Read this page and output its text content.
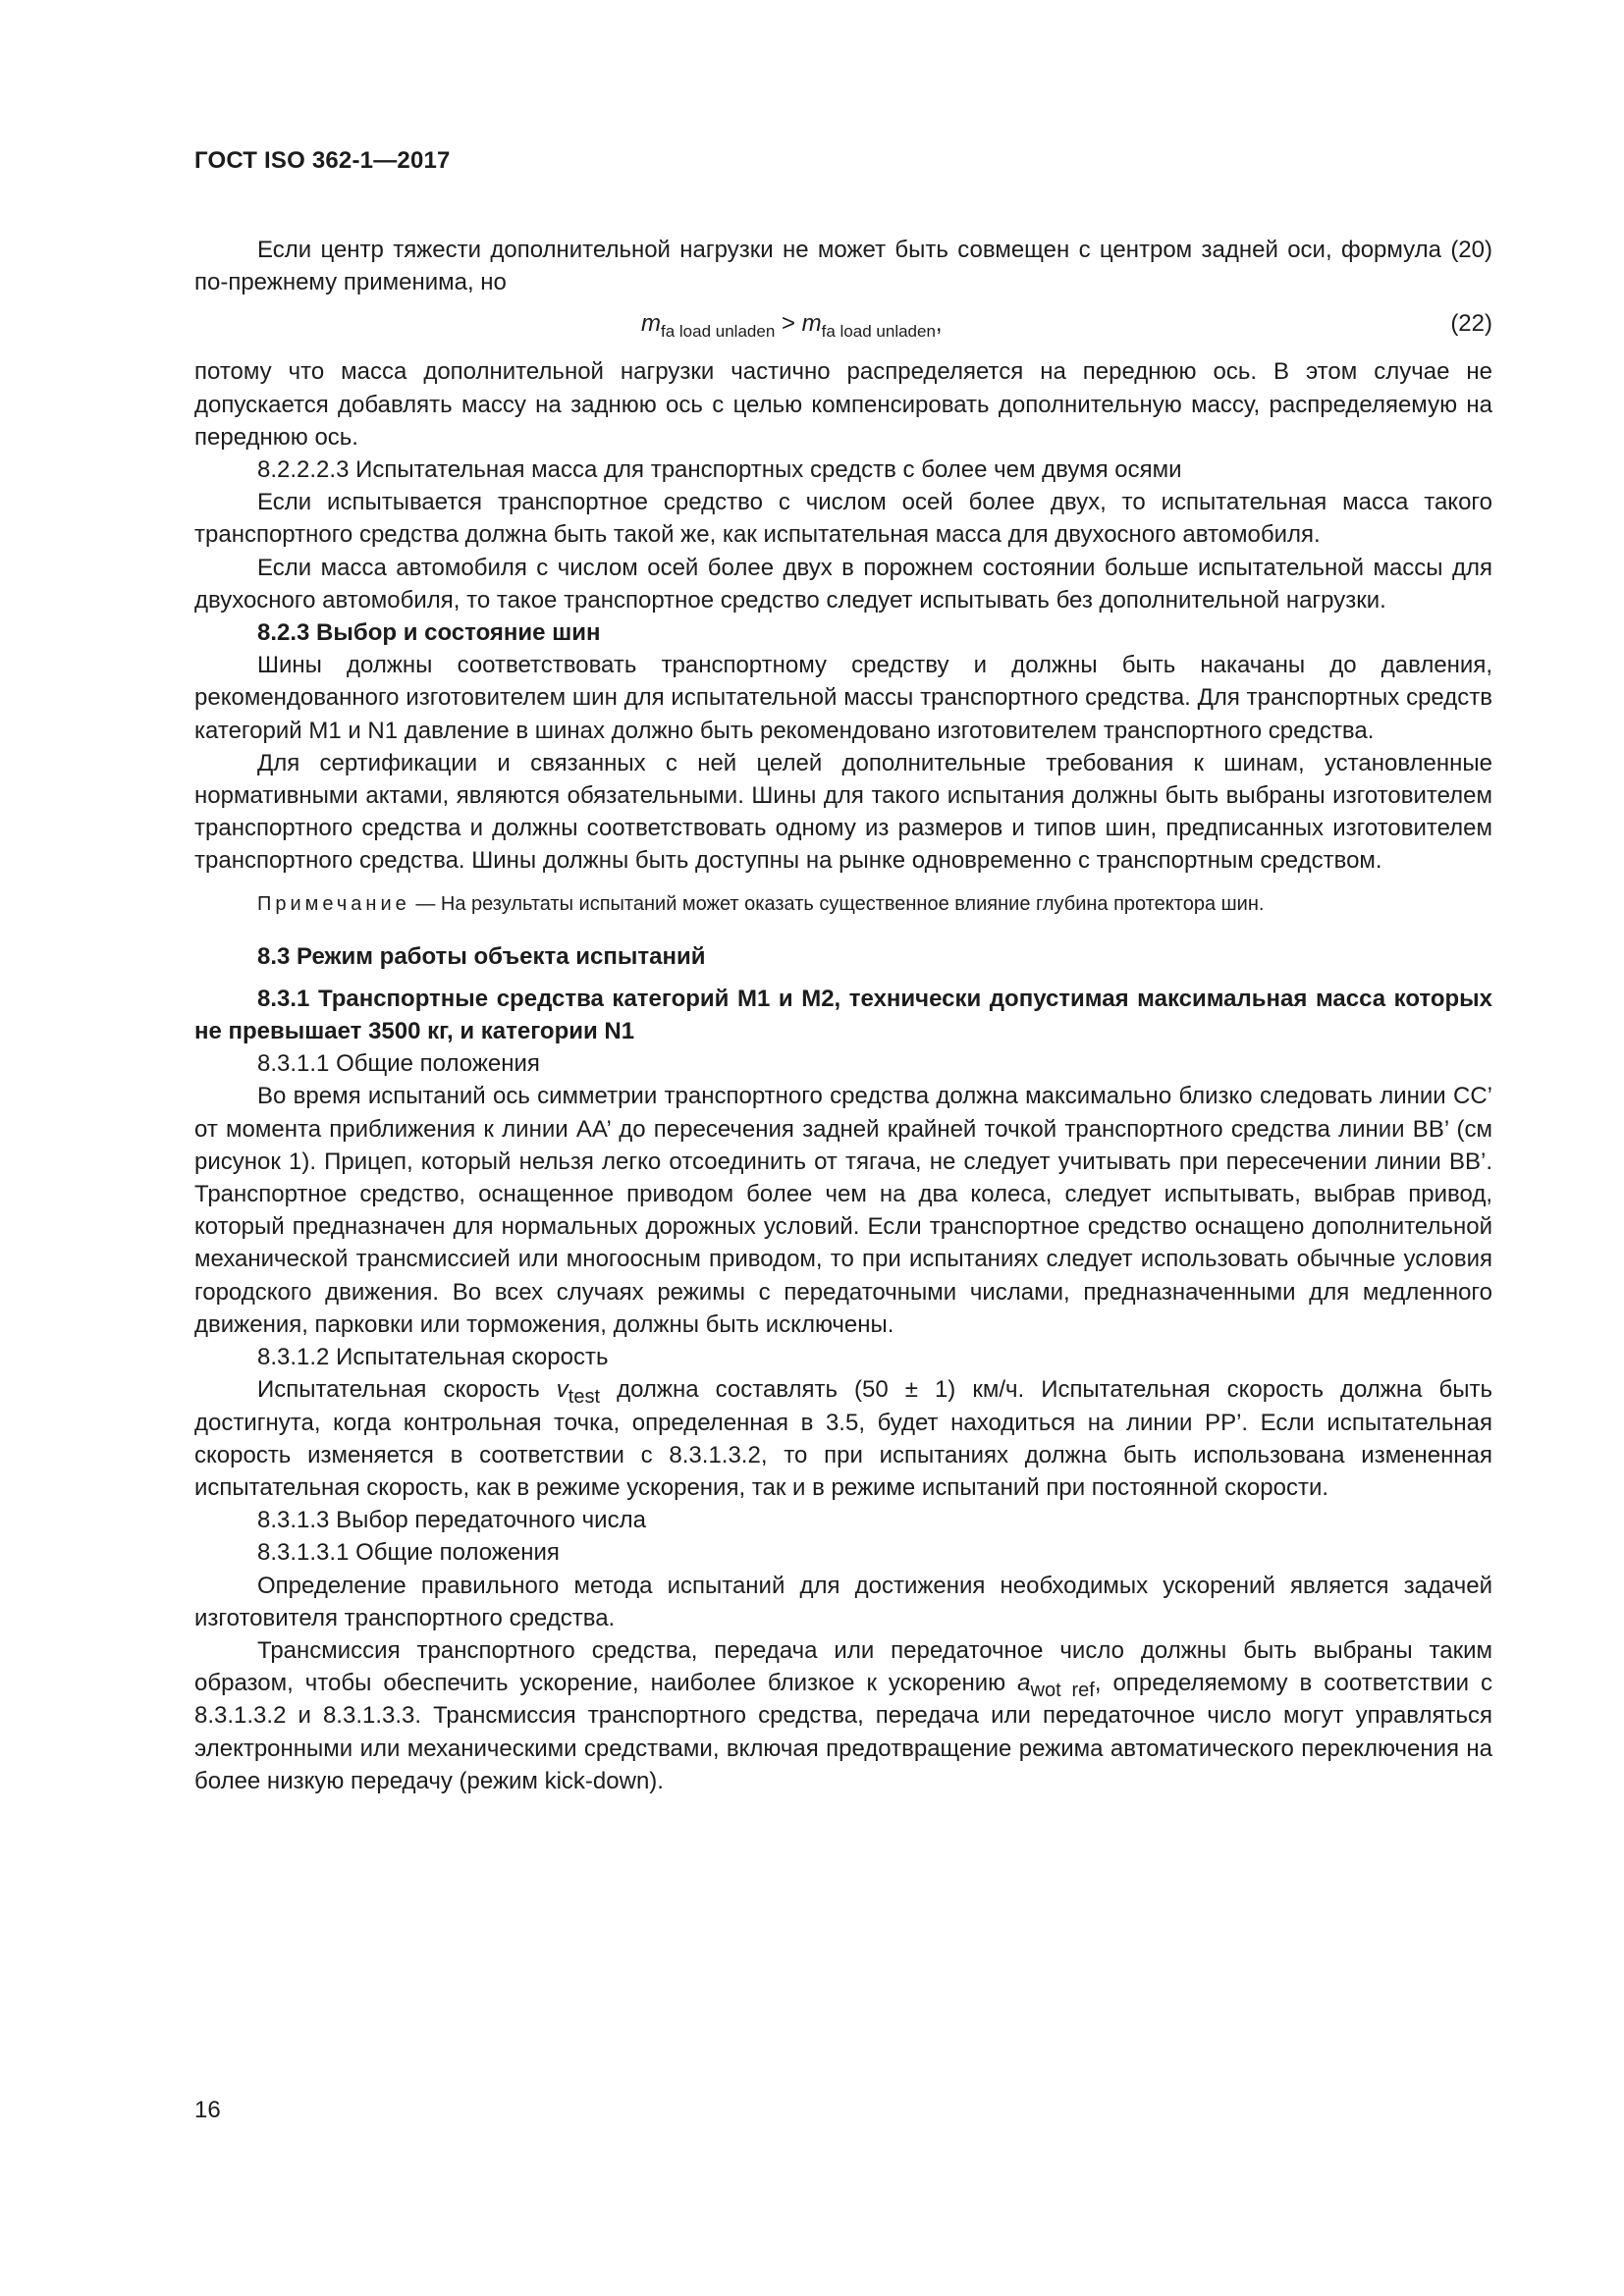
ГОСТ ISO 362-1—2017

Если центр тяжести дополнительной нагрузки не может быть совмещен с центром задней оси, формула (20) по-прежнему применима, но

$m_{fa load unladen} > m_{fa load unladen}$,	(22)

потому что масса дополнительной нагрузки частично распределяется на переднюю ось. В этом случае не допускается добавлять массу на заднюю ось с целью компенсировать дополнительную массу, распределяемую на переднюю ось.

8.2.2.2.3 Испытательная масса для транспортных средств с более чем двумя осями

Если испытывается транспортное средство с числом осей более двух, то испытательная масса такого транспортного средства должна быть такой же, как испытательная масса для двухосного автомобиля.

Если масса автомобиля с числом осей более двух в порожнем состоянии больше испытательной массы для двухосного автомобиля, то такое транспортное средство следует испытывать без дополнительной нагрузки.

8.2.3 Выбор и состояние шин

Шины должны соответствовать транспортному средству и должны быть накачаны до давления, рекомендованного изготовителем шин для испытательной массы транспортного средства. Для транспортных средств категорий М1 и N1 давление в шинах должно быть рекомендовано изготовителем транспортного средства.

Для сертификации и связанных с ней целей дополнительные требования к шинам, установленные нормативными актами, являются обязательными. Шины для такого испытания должны быть выбраны изготовителем транспортного средства и должны соответствовать одному из размеров и типов шин, предписанных изготовителем транспортного средства. Шины должны быть доступны на рынке одновременно с транспортным средством.

Примечание — На результаты испытаний может оказать существенное влияние глубина протектора шин.

8.3 Режим работы объекта испытаний

8.3.1 Транспортные средства категорий М1 и М2, технически допустимая максимальная масса которых не превышает 3500 кг, и категории N1

8.3.1.1 Общие положения

Во время испытаний ось симметрии транспортного средства должна максимально близко следовать линии СС’ от момента приближения к линии АА’ до пересечения задней крайней точкой транспортного средства линии ВВ’ (см рисунок 1). Прицеп, который нельзя легко отсоединить от тягача, не следует учитывать при пересечении линии ВВ’. Транспортное средство, оснащенное приводом более чем на два колеса, следует испытывать, выбрав привод, который предназначен для нормальных дорожных условий. Если транспортное средство оснащено дополнительной механической трансмиссией или многоосным приводом, то при испытаниях следует использовать обычные условия городского движения. Во всех случаях режимы с передаточными числами, предназначенными для медленного движения, парковки или торможения, должны быть исключены.

8.3.1.2 Испытательная скорость

Испытательная скорость $v_{test}$ должна составлять (50 ± 1) км/ч. Испытательная скорость должна быть достигнута, когда контрольная точка, определенная в 3.5, будет находиться на линии РР’. Если испытательная скорость изменяется в соответствии с 8.3.1.3.2, то при испытаниях должна быть использована измененная испытательная скорость, как в режиме ускорения, так и в режиме испытаний при постоянной скорости.

8.3.1.3 Выбор передаточного числа

8.3.1.3.1 Общие положения

Определение правильного метода испытаний для достижения необходимых ускорений является задачей изготовителя транспортного средства.

Трансмиссия транспортного средства, передача или передаточное число должны быть выбраны таким образом, чтобы обеспечить ускорение, наиболее близкое к ускорению $a_{wot ref}$, определяемому в соответствии с 8.3.1.3.2 и 8.3.1.3.3. Трансмиссия транспортного средства, передача или передаточное число могут управляться электронными или механическими средствами, включая предотвращение режима автоматического переключения на более низкую передачу (режим kick-down).

16
